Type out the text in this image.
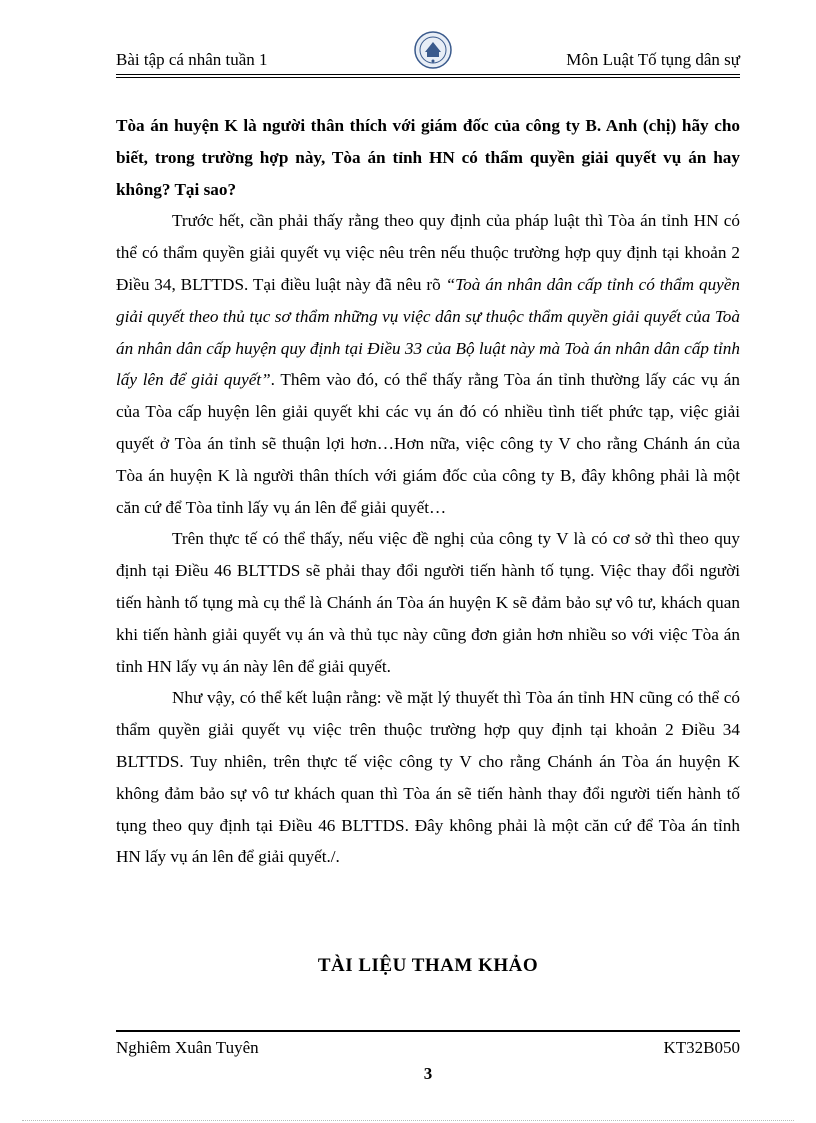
Bài tập cá nhân tuần 1	Môn Luật Tố tụng dân sự

Tòa án huyện K là người thân thích với giám đốc của công ty B. Anh (chị) hãy cho biết, trong trường hợp này, Tòa án tỉnh HN có thẩm quyền giải quyết vụ án hay không? Tại sao?

Trước hết, cần phải thấy rằng theo quy định của pháp luật thì Tòa án tỉnh HN có thể có thẩm quyền giải quyết vụ việc nêu trên nếu thuộc trường hợp quy định tại khoản 2 Điều 34, BLTTDS. Tại điều luật này đã nêu rõ “Toà án nhân dân cấp tỉnh có thẩm quyền giải quyết theo thủ tục sơ thẩm những vụ việc dân sự thuộc thẩm quyền giải quyết của Toà án nhân dân cấp huyện quy định tại Điều 33 của Bộ luật này mà Toà án nhân dân cấp tỉnh lấy lên để giải quyết”. Thêm vào đó, có thể thấy rằng Tòa án tỉnh thường lấy các vụ án của Tòa cấp huyện lên giải quyết khi các vụ án đó có nhiều tình tiết phức tạp, việc giải quyết ở Tòa án tỉnh sẽ thuận lợi hơn…Hơn nữa, việc công ty V cho rằng Chánh án của Tòa án huyện K là người thân thích với giám đốc của công ty B, đây không phải là một căn cứ để Tòa tỉnh lấy vụ án lên để giải quyết…

Trên thực tế có thể thấy, nếu việc đề nghị của công ty V là có cơ sở thì theo quy định tại Điều 46 BLTTDS sẽ phải thay đổi người tiến hành tố tụng. Việc thay đổi người tiến hành tố tụng mà cụ thể là Chánh án Tòa án huyện K sẽ đảm bảo sự vô tư, khách quan khi tiến hành giải quyết vụ án và thủ tục này cũng đơn giản hơn nhiều so với việc Tòa án tỉnh HN lấy vụ án này lên để giải quyết.

Như vậy, có thể kết luận rằng: về mặt lý thuyết thì Tòa án tỉnh HN cũng có thể có thẩm quyền giải quyết vụ việc trên thuộc trường hợp quy định tại khoản 2 Điều 34 BLTTDS. Tuy nhiên, trên thực tế việc công ty V cho rằng Chánh án Tòa án huyện K không đảm bảo sự vô tư khách quan thì Tòa án sẽ tiến hành thay đổi người tiến hành tố tụng theo quy định tại Điều 46 BLTTDS. Đây không phải là một căn cứ để Tòa án tỉnh HN lấy vụ án lên để giải quyết./.

TÀI LIỆU THAM KHẢO
Nghiêm Xuân Tuyên	KT32B050
3
